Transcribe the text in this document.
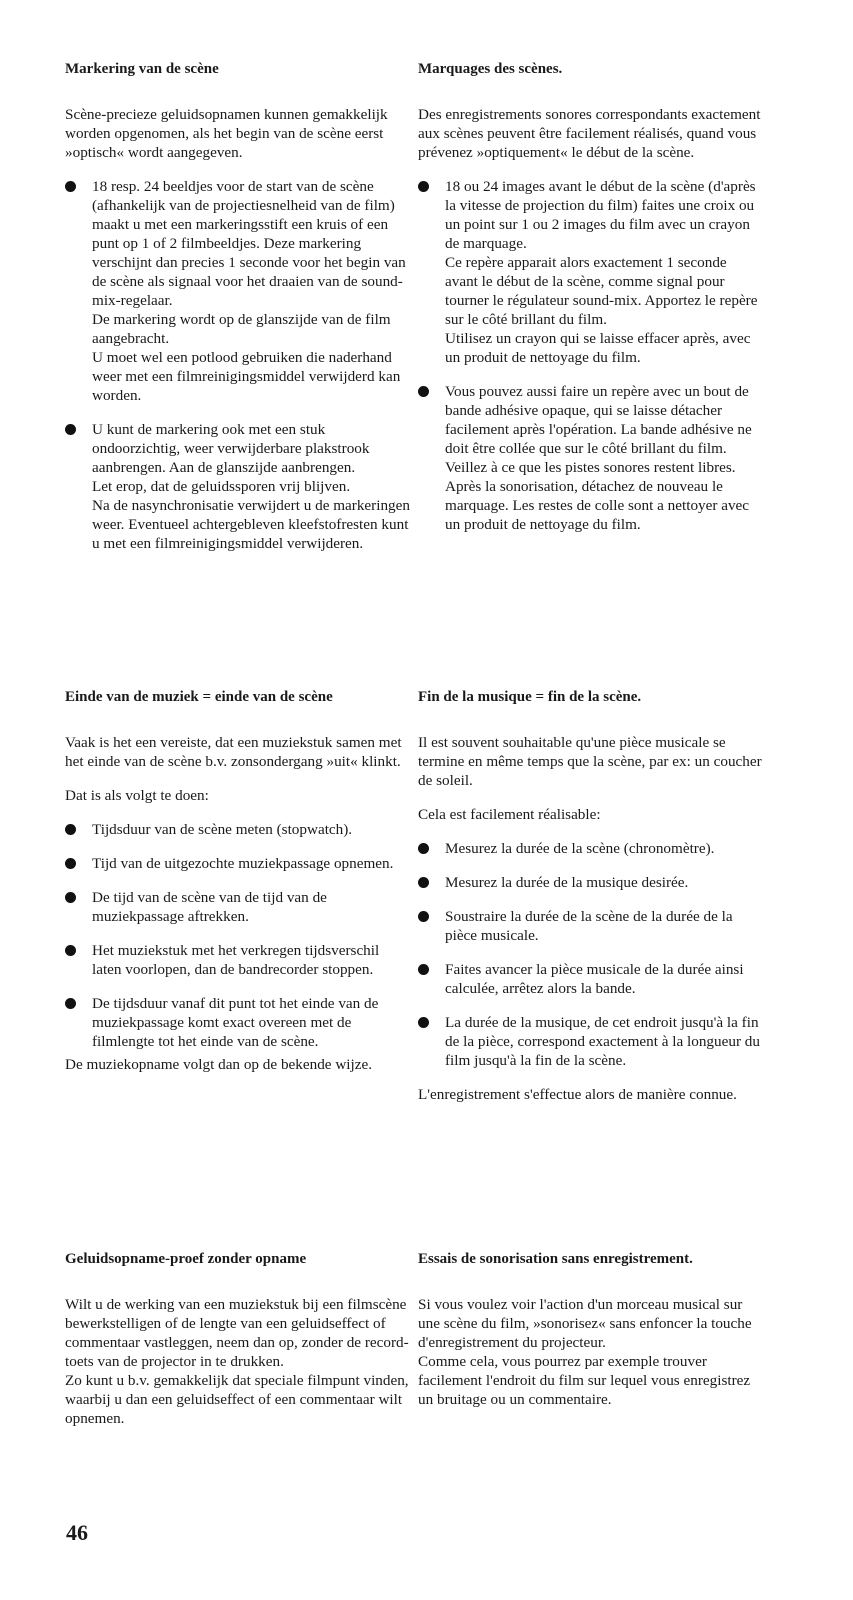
Markering van de scène

Scène-precieze geluidsopnamen kunnen gemakkelijk worden opgenomen, als het begin van de scène eerst »optisch« wordt aangegeven.

18 resp. 24 beeldjes voor de start van de scène (afhankelijk van de projectiesnelheid van de film) maakt u met een markeringsstift een kruis of een punt op 1 of 2 filmbeeldjes. Deze markering verschijnt dan precies 1 seconde voor het begin van de scène als signaal voor het draaien van de sound-mix-regelaar.
De markering wordt op de glanszijde van de film aangebracht.
U moet wel een potlood gebruiken die naderhand weer met een filmreinigingsmiddel verwijderd kan worden.
U kunt de markering ook met een stuk ondoorzichtig, weer verwijderbare plakstrook aanbrengen. Aan de glanszijde aanbrengen.
Let erop, dat de geluidssporen vrij blijven.
Na de nasynchronisatie verwijdert u de markeringen weer. Eventueel achtergebleven kleefstofresten kunt u met een filmreinigingsmiddel verwijderen.
Einde van de muziek = einde van de scène

Vaak is het een vereiste, dat een muziekstuk samen met het einde van de scène b.v. zonsondergang »uit« klinkt.

Dat is als volgt te doen:

Tijdsduur van de scène meten (stopwatch).
Tijd van de uitgezochte muziekpassage opnemen.
De tijd van de scène van de tijd van de muziekpassage aftrekken.
Het muziekstuk met het verkregen tijdsverschil laten voorlopen, dan de bandrecorder stoppen.
De tijdsduur vanaf dit punt tot het einde van de muziekpassage komt exact overeen met de filmlengte tot het einde van de scène.

De muziekopname volgt dan op de bekende wijze.

Geluidsopname-proef zonder opname

Wilt u de werking van een muziekstuk bij een filmscène bewerkstelligen of de lengte van een geluidseffect of commentaar vastleggen, neem dan op, zonder de record-toets van de projector in te drukken.
Zo kunt u b.v. gemakkelijk dat speciale filmpunt vinden, waarbij u dan een geluidseffect of een commentaar wilt opnemen.

Marquages des scènes.

Des enregistrements sonores correspondants exactement aux scènes peuvent être facilement réalisés, quand vous prévenez »optiquement« le début de la scène.

18 ou 24 images avant le début de la scène (d'après la vitesse de projection du film) faites une croix ou un point sur 1 ou 2 images du film avec un crayon de marquage.
Ce repère apparait alors exactement 1 seconde avant le début de la scène, comme signal pour tourner le régulateur sound-mix. Apportez le repère sur le côté brillant du film.
Utilisez un crayon qui se laisse effacer après, avec un produit de nettoyage du film.
Vous pouvez aussi faire un repère avec un bout de bande adhésive opaque, qui se laisse détacher facilement après l'opération. La bande adhésive ne doit être collée que sur le côté brillant du film.
Veillez à ce que les pistes sonores restent libres.
Après la sonorisation, détachez de nouveau le marquage. Les restes de colle sont a nettoyer avec un produit de nettoyage du film.
Fin de la musique = fin de la scène.

Il est souvent souhaitable qu'une pièce musicale se termine en même temps que la scène, par ex: un coucher de soleil.

Cela est facilement réalisable:

Mesurez la durée de la scène (chronomètre).
Mesurez la durée de la musique desirée.
Soustraire la durée de la scène de la durée de la pièce musicale.
Faites avancer la pièce musicale de la durée ainsi calculée, arrêtez alors la bande.
La durée de la musique, de cet endroit jusqu'à la fin de la pièce, correspond exactement à la longueur du film jusqu'à la fin de la scène.

L'enregistrement s'effectue alors de manière connue.

Essais de sonorisation sans enregistrement.

Si vous voulez voir l'action d'un morceau musical sur une scène du film, »sonorisez« sans enfoncer la touche d'enregistrement du projecteur.
Comme cela, vous pourrez par exemple trouver facilement l'endroit du film sur lequel vous enregistrez un bruitage ou un commentaire.

46
